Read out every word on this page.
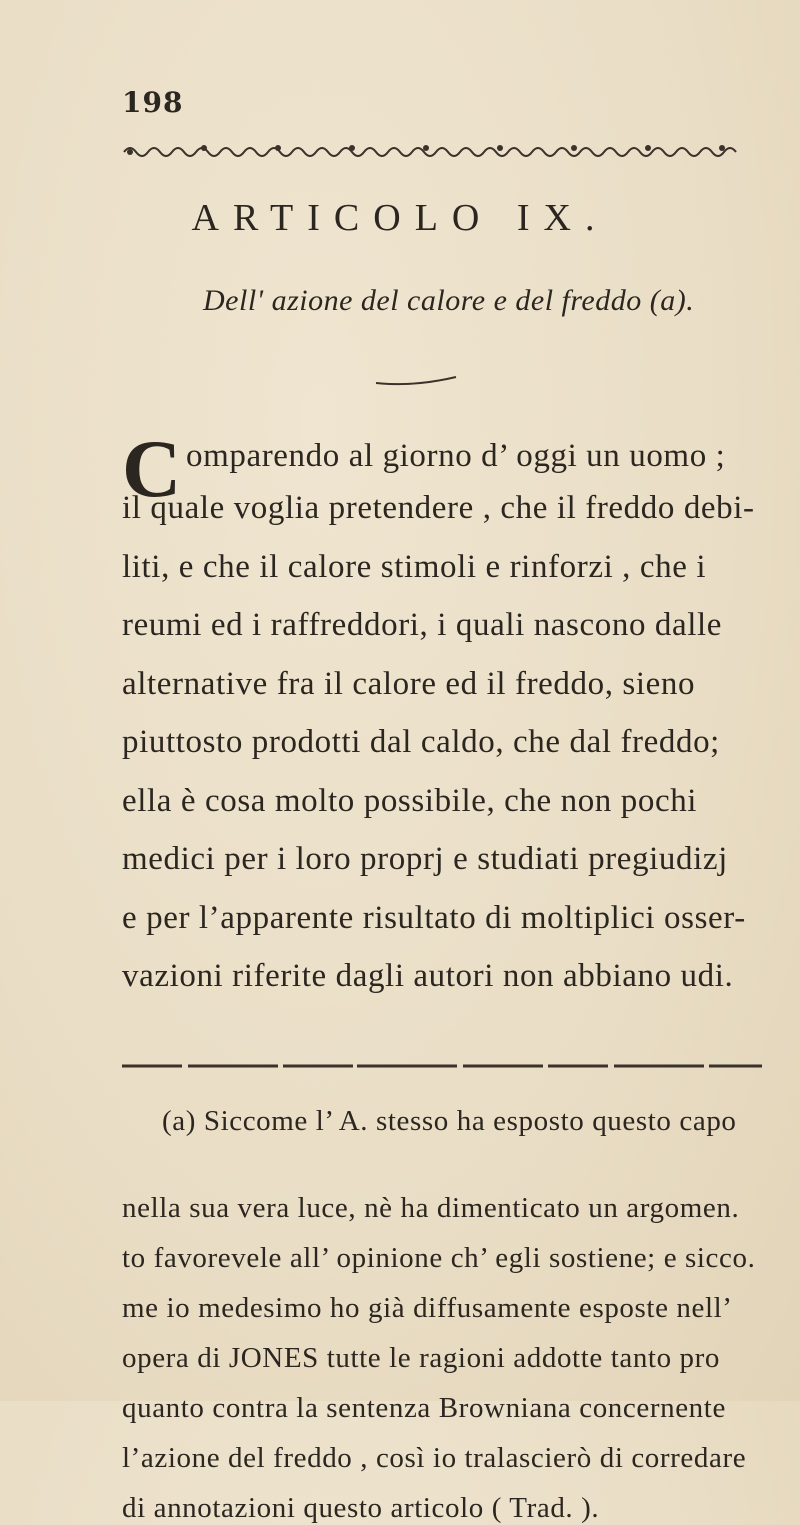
198
ARTICOLO IX.
Dell' azione del calore e del freddo (a).
C omparendo al giorno d’ oggi un uomo ;
il quale voglia pretendere , che il freddo debi-
liti, e che il calore stimoli e rinforzi , che i
reumi ed i raffreddori, i quali nascono dalle
alternative fra il calore ed il freddo, sieno
piuttosto prodotti dal caldo, che dal freddo;
ella è cosa molto possibile, che non pochi
medici per i loro proprj e studiati pregiudizj
e per l’apparente risultato di moltiplici osser-
vazioni riferite dagli autori non abbiano udi.
(a) Siccome l’ A. stesso ha esposto questo capo
nella sua vera luce, nè ha dimenticato un argomen.
to favorevele all’ opinione ch’ egli sostiene; e sicco.
me io medesimo ho già diffusamente esposte nell’
opera di JONES tutte le ragioni addotte tanto pro
quanto contra la sentenza Browniana concernente
l’azione del freddo , così io tralascierò di corredare
di annotazioni questo articolo ( Trad. ).
